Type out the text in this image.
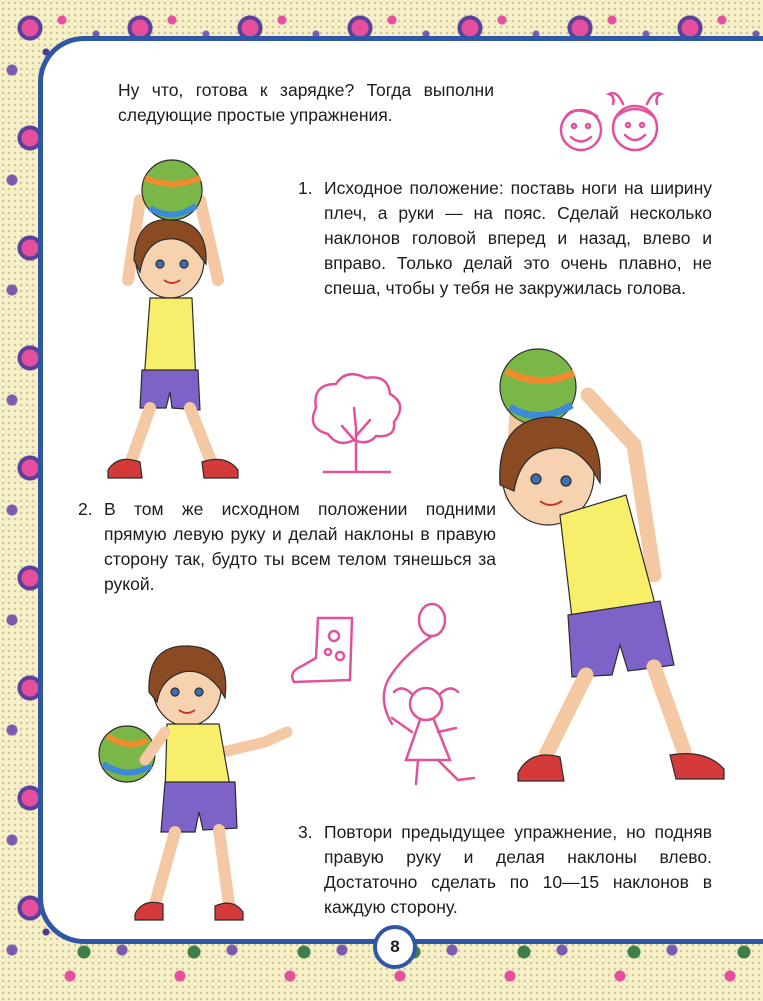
Ну что, готова к зарядке? Тогда выполни следующие простые упражнения.

1. Исходное положение: поставь ноги на ширину плеч, а руки — на пояс. Сделай несколько наклонов головой вперед и назад, влево и вправо. Только делай это очень плавно, не спеша, чтобы у тебя не закружилась голова.
2. В том же исходном положении подними прямую левую руку и делай наклоны в правую сторону так, будто ты всем телом тянешься за рукой.
3. Повтори предыдущее упражнение, но подняв правую руку и делая наклоны влево. Достаточно сделать по 10—15 наклонов в каждую сторону.
8
